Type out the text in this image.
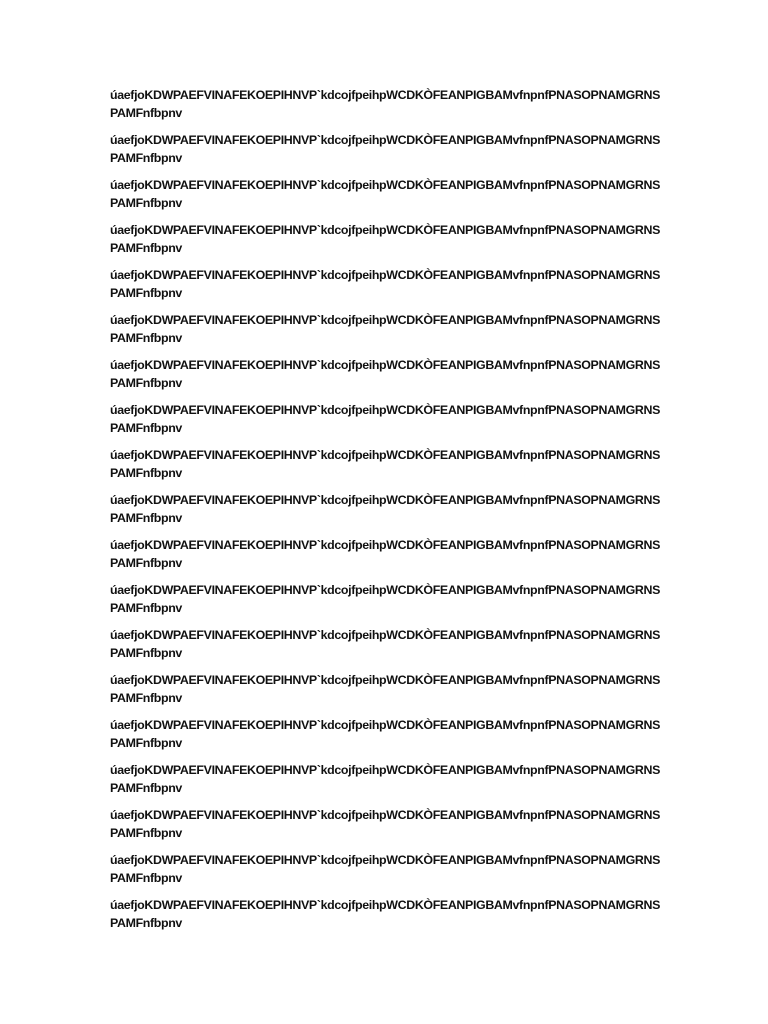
úaefjoKDWPAEFVINAFEKOEPIHNVP`kdcojfpeihpWCDKÒFEANPIGBAMvfnpnfPNASOPNAMGRNS
PAMFnfbpnv

úaefjoKDWPAEFVINAFEKOEPIHNVP`kdcojfpeihpWCDKÒFEANPIGBAMvfnpnfPNASOPNAMGRNS
PAMFnfbpnv

úaefjoKDWPAEFVINAFEKOEPIHNVP`kdcojfpeihpWCDKÒFEANPIGBAMvfnpnfPNASOPNAMGRNS
PAMFnfbpnv

úaefjoKDWPAEFVINAFEKOEPIHNVP`kdcojfpeihpWCDKÒFEANPIGBAMvfnpnfPNASOPNAMGRNS
PAMFnfbpnv

úaefjoKDWPAEFVINAFEKOEPIHNVP`kdcojfpeihpWCDKÒFEANPIGBAMvfnpnfPNASOPNAMGRNS
PAMFnfbpnv

úaefjoKDWPAEFVINAFEKOEPIHNVP`kdcojfpeihpWCDKÒFEANPIGBAMvfnpnfPNASOPNAMGRNS
PAMFnfbpnv

úaefjoKDWPAEFVINAFEKOEPIHNVP`kdcojfpeihpWCDKÒFEANPIGBAMvfnpnfPNASOPNAMGRNS
PAMFnfbpnv

úaefjoKDWPAEFVINAFEKOEPIHNVP`kdcojfpeihpWCDKÒFEANPIGBAMvfnpnfPNASOPNAMGRNS
PAMFnfbpnv

úaefjoKDWPAEFVINAFEKOEPIHNVP`kdcojfpeihpWCDKÒFEANPIGBAMvfnpnfPNASOPNAMGRNS
PAMFnfbpnv

úaefjoKDWPAEFVINAFEKOEPIHNVP`kdcojfpeihpWCDKÒFEANPIGBAMvfnpnfPNASOPNAMGRNS
PAMFnfbpnv

úaefjoKDWPAEFVINAFEKOEPIHNVP`kdcojfpeihpWCDKÒFEANPIGBAMvfnpnfPNASOPNAMGRNS
PAMFnfbpnv

úaefjoKDWPAEFVINAFEKOEPIHNVP`kdcojfpeihpWCDKÒFEANPIGBAMvfnpnfPNASOPNAMGRNS
PAMFnfbpnv

úaefjoKDWPAEFVINAFEKOEPIHNVP`kdcojfpeihpWCDKÒFEANPIGBAMvfnpnfPNASOPNAMGRNS
PAMFnfbpnv

úaefjoKDWPAEFVINAFEKOEPIHNVP`kdcojfpeihpWCDKÒFEANPIGBAMvfnpnfPNASOPNAMGRNS
PAMFnfbpnv

úaefjoKDWPAEFVINAFEKOEPIHNVP`kdcojfpeihpWCDKÒFEANPIGBAMvfnpnfPNASOPNAMGRNS
PAMFnfbpnv

úaefjoKDWPAEFVINAFEKOEPIHNVP`kdcojfpeihpWCDKÒFEANPIGBAMvfnpnfPNASOPNAMGRNS
PAMFnfbpnv

úaefjoKDWPAEFVINAFEKOEPIHNVP`kdcojfpeihpWCDKÒFEANPIGBAMvfnpnfPNASOPNAMGRNS
PAMFnfbpnv

úaefjoKDWPAEFVINAFEKOEPIHNVP`kdcojfpeihpWCDKÒFEANPIGBAMvfnpnfPNASOPNAMGRNS
PAMFnfbpnv

úaefjoKDWPAEFVINAFEKOEPIHNVP`kdcojfpeihpWCDKÒFEANPIGBAMvfnpnfPNASOPNAMGRNS
PAMFnfbpnv
